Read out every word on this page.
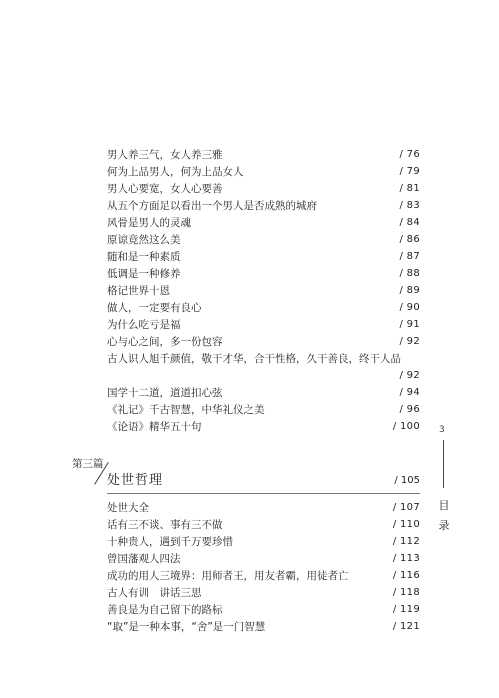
男人养三气，女人养三雅	/ 76
何为上品男人，何为上品女人	/ 79
男人心要宽，女人心要善	/ 81
从五个方面足以看出一个男人是否成熟的城府	/ 83
风骨是男人的灵魂	/ 84
原谅竟然这么美	/ 86
随和是一种素质	/ 87
低调是一种修养	/ 88
格记世界十恩	/ 89
做人，一定要有良心	/ 90
为什么吃亏是福	/ 91
心与心之间，多一份包容	/ 92
古人识人旭千颜值，敬干才华，合干性格，久干善良，终干人品
/ 92
国学十二道，道道扣心弦	/ 94
《礼记》千古智慧，中华礼仪之美	/ 96
《论语》精华五十句	/ 100
第三篇
处世哲理	/ 105
处世大全	/ 107
话有三不谈、事有三不做	/ 110
十种贵人，遇到千万要珍惜	/ 112
曾国藩观人四法	/ 113
成功的用人三境界：用师者王，用友者霸，用徒者亡	/ 116
古人有训　讲话三思	/ 118
善良是为自己留下的路标	/ 119
“取”是一种本事，“舍”是一门智慧	/ 121
3
目录
